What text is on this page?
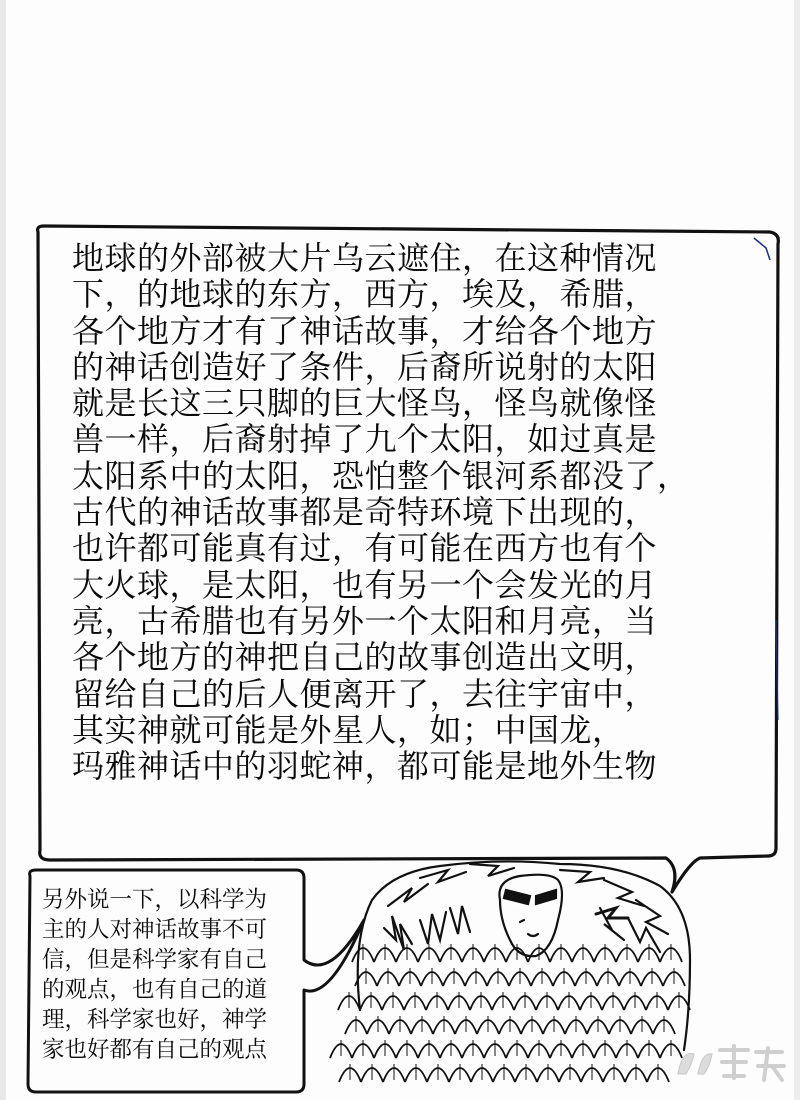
地球的外部被大片乌云遮住，在这种情况
下，的地球的东方，西方，埃及，希腊，
各个地方才有了神话故事，才给各个地方
的神话创造好了条件，后裔所说射的太阳
就是长这三只脚的巨大怪鸟，怪鸟就像怪
兽一样，后裔射掉了九个太阳，如过真是
太阳系中的太阳，恐怕整个银河系都没了，
古代的神话故事都是奇特环境下出现的，
也许都可能真有过，有可能在西方也有个
大火球，是太阳，也有另一个会发光的月
亮，古希腊也有另外一个太阳和月亮，当
各个地方的神把自己的故事创造出文明，
留给自己的后人便离开了，去往宇宙中，
其实神就可能是外星人，如；中国龙，
玛雅神话中的羽蛇神，都可能是地外生物
另外说一下，以科学为
主的人对神话故事不可
信，但是科学家有自己
的观点，也有自己的道
理，科学家也好，神学
家也好都有自己的观点
